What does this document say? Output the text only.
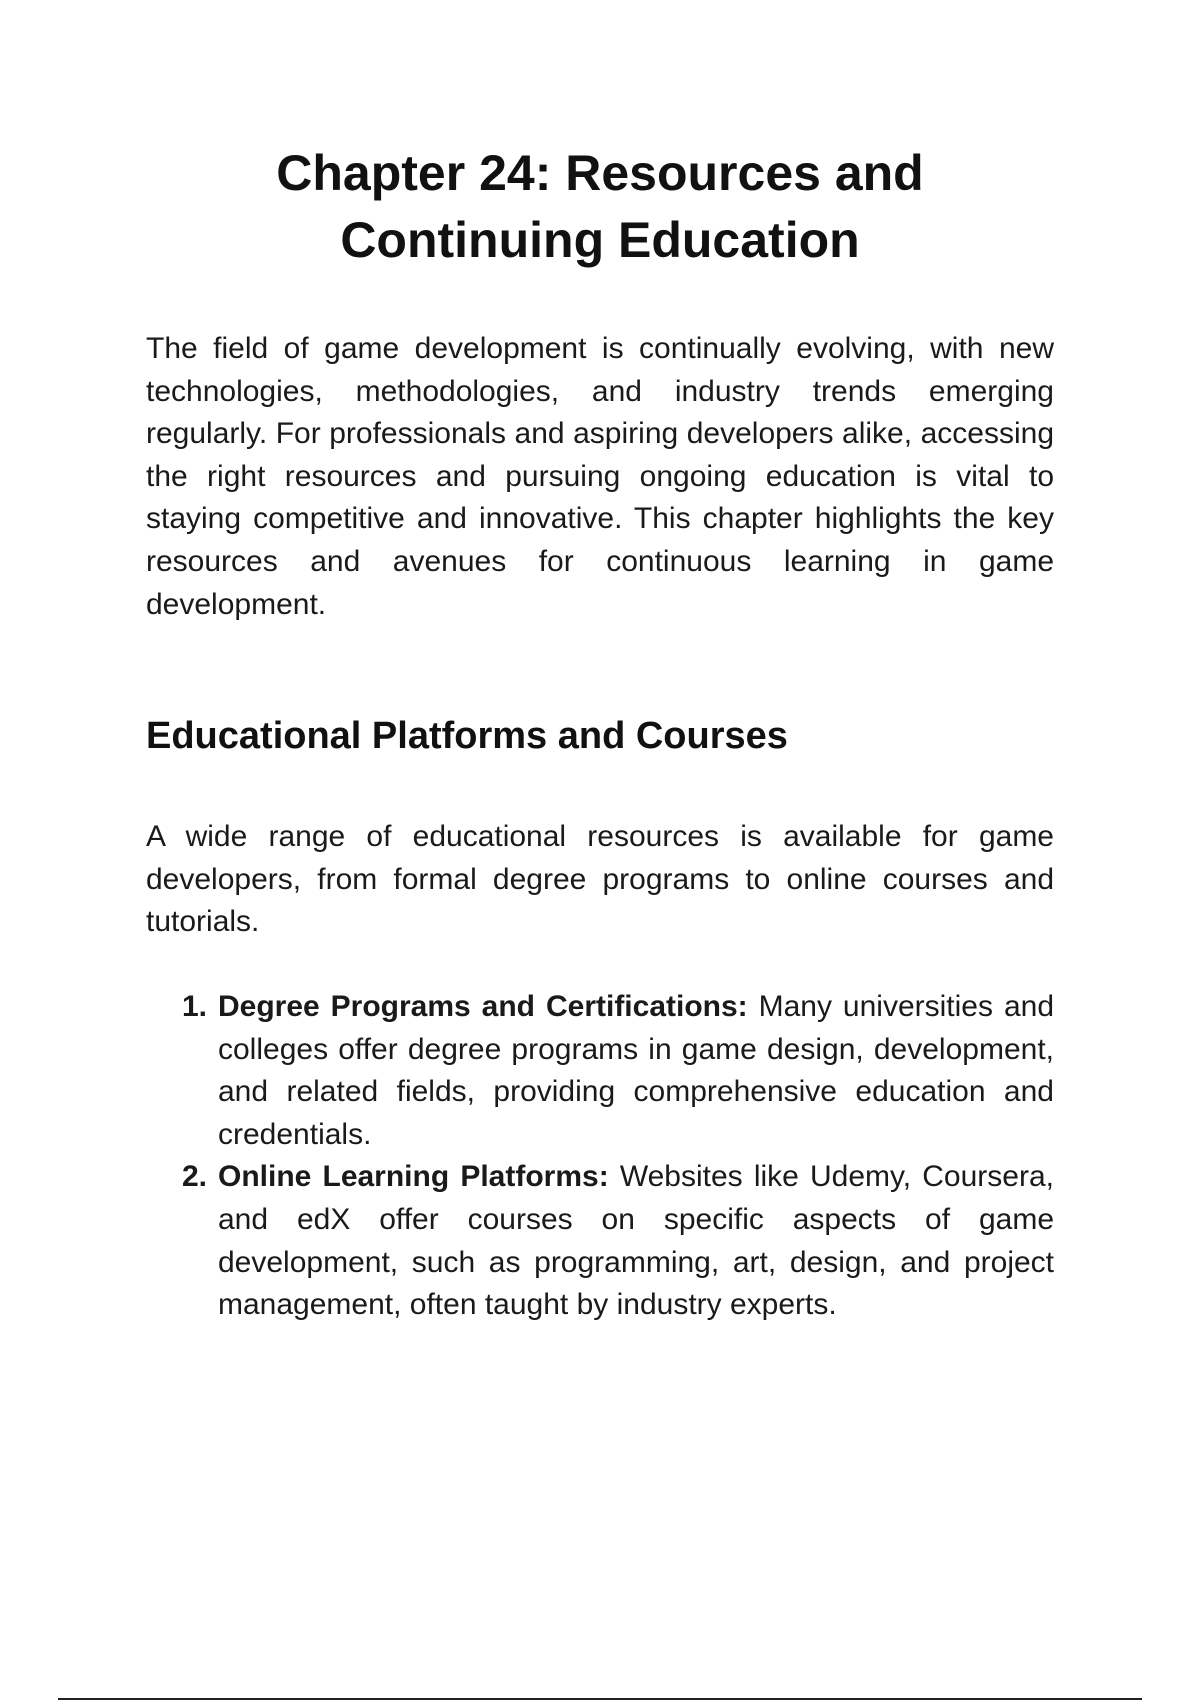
Chapter 24: Resources and
Continuing Education

The field of game development is continually evolving, with new technologies, methodologies, and industry trends emerging regularly. For professionals and aspiring developers alike, accessing the right resources and pursuing ongoing education is vital to staying competitive and innovative. This chapter highlights the key resources and avenues for continuous learning in game development.

Educational Platforms and Courses

A wide range of educational resources is available for game developers, from formal degree programs to online courses and tutorials.

1. Degree Programs and Certifications: Many universities and colleges offer degree programs in game design, development, and related fields, providing comprehensive education and credentials.
2. Online Learning Platforms: Websites like Udemy, Coursera, and edX offer courses on specific aspects of game development, such as programming, art, design, and project management, often taught by industry experts.
